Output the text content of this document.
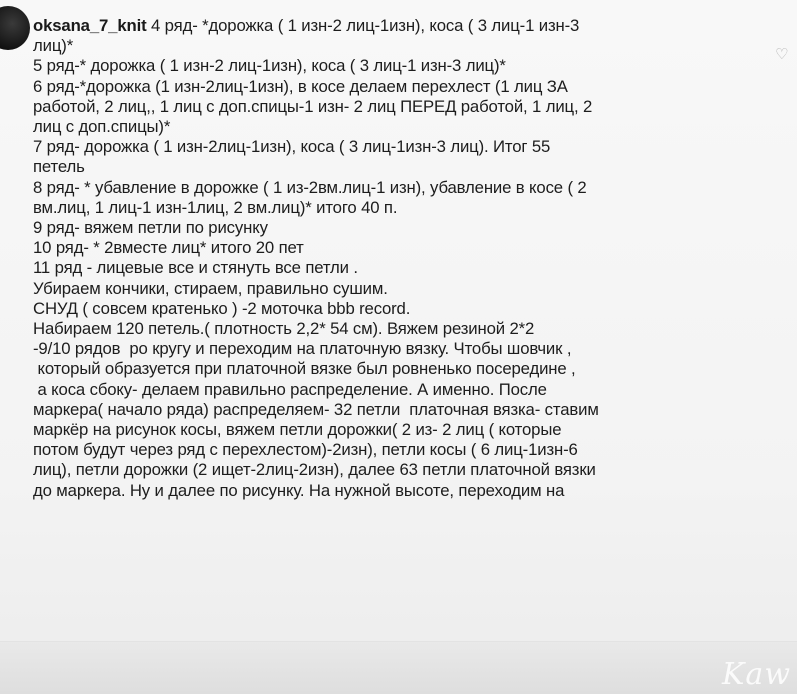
♡
oksana_7_knit 4 ряд- *дорожка ( 1 изн-2 лиц-1изн), коса ( 3 лиц-1 изн-3
лиц)*
5 ряд-* дорожка ( 1 изн-2 лиц-1изн), коса ( 3 лиц-1 изн-3 лиц)*
6 ряд-*дорожка (1 изн-2лиц-1изн), в косе делаем перехлест (1 лиц ЗА
работой, 2 лиц,, 1 лиц с доп.спицы-1 изн- 2 лиц ПЕРЕД работой, 1 лиц, 2
лиц с доп.спицы)*
7 ряд- дорожка ( 1 изн-2лиц-1изн), коса ( 3 лиц-1изн-3 лиц). Итог 55
петель
8 ряд- * убавление в дорожке ( 1 из-2вм.лиц-1 изн), убавление в косе ( 2
вм.лиц, 1 лиц-1 изн-1лиц, 2 вм.лиц)* итого 40 п.
9 ряд- вяжем петли по рисунку
10 ряд- * 2вместе лиц* итого 20 пет
11 ряд - лицевые все и стянуть все петли .
Убираем кончики, стираем, правильно сушим.
СНУД ( совсем кратенько ) -2 моточка bbb record.
Набираем 120 петель.( плотность 2,2* 54 см). Вяжем резиной 2*2
-9/10 рядов  ро кругу и переходим на платочную вязку. Чтобы шовчик ,
который образуется при платочной вязке был ровненько посередине ,
а коса сбоку- делаем правильно распределение. А именно. После
маркера( начало ряда) распределяем- 32 петли  платочная вязка- ставим
маркёр на рисунок косы, вяжем петли дорожки( 2 из- 2 лиц ( которые
потом будут через ряд с перехлестом)-2изн), петли косы ( 6 лиц-1изн-6
лиц), петли дорожки (2 ищет-2лиц-2изн), далее 63 петли платочной вязки
до маркера. Ну и далее по рисунку. На нужной высоте, переходим на
Kaw
